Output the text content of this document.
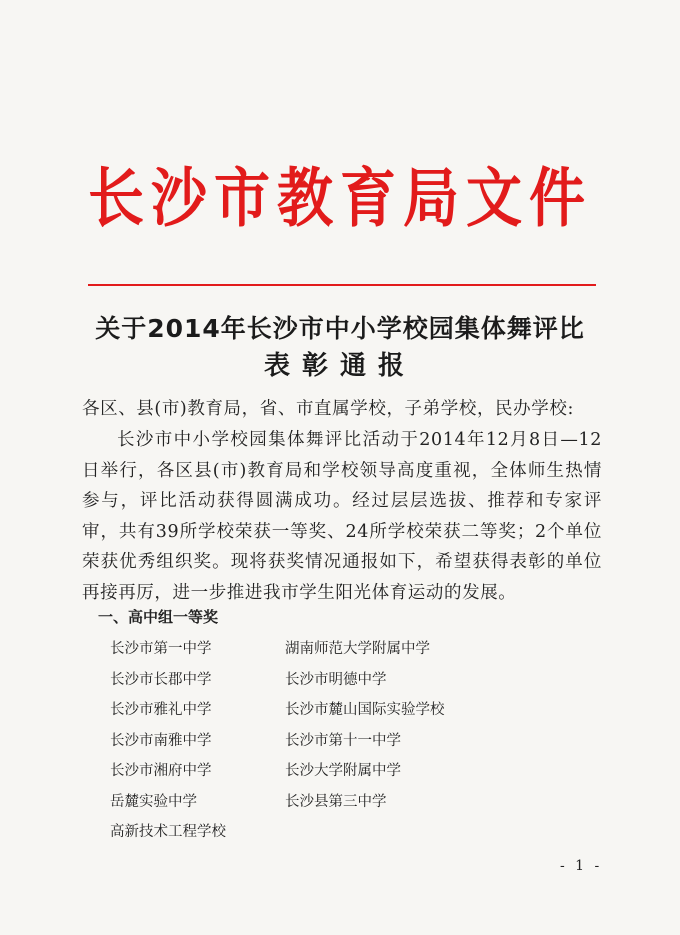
长沙市教育局文件
关于2014年长沙市中小学校园集体舞评比
表彰通报
各区、县(市)教育局，省、市直属学校，子弟学校，民办学校:

长沙市中小学校园集体舞评比活动于2014年12月8日—12日举行，各区县(市)教育局和学校领导高度重视，全体师生热情参与，评比活动获得圆满成功。经过层层选拔、推荐和专家评审，共有39所学校荣获一等奖、24所学校荣获二等奖；2个单位荣获优秀组织奖。现将获奖情况通报如下，希望获得表彰的单位再接再厉，进一步推进我市学生阳光体育运动的发展。

一、高中组一等奖
长沙市第一中学	湖南师范大学附属中学
长沙市长郡中学	长沙市明德中学
长沙市雅礼中学	长沙市麓山国际实验学校
长沙市南雅中学	长沙市第十一中学
长沙市湘府中学	长沙大学附属中学
岳麓实验中学	长沙县第三中学
高新技术工程学校
- 1 -
